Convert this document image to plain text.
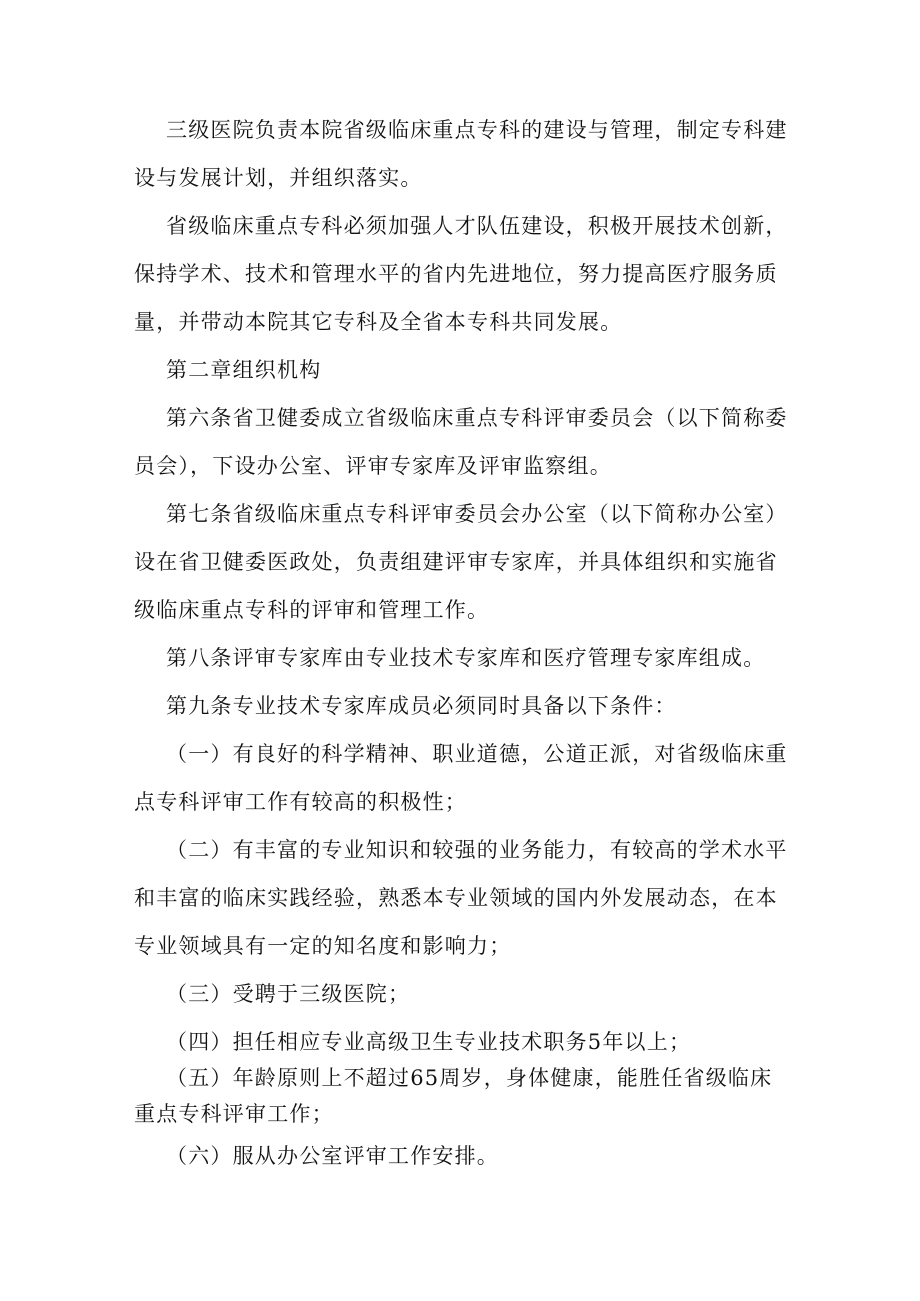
三级医院负责本院省级临床重点专科的建设与管理，制定专科建设与发展计划，并组织落实。

省级临床重点专科必须加强人才队伍建设，积极开展技术创新，保持学术、技术和管理水平的省内先进地位，努力提高医疗服务质量，并带动本院其它专科及全省本专科共同发展。

第二章组织机构

第六条省卫健委成立省级临床重点专科评审委员会（以下简称委员会），下设办公室、评审专家库及评审监察组。

第七条省级临床重点专科评审委员会办公室（以下简称办公室）设在省卫健委医政处，负责组建评审专家库，并具体组织和实施省级临床重点专科的评审和管理工作。

第八条评审专家库由专业技术专家库和医疗管理专家库组成。

第九条专业技术专家库成员必须同时具备以下条件：

（一）有良好的科学精神、职业道德，公道正派，对省级临床重点专科评审工作有较高的积极性；

（二）有丰富的专业知识和较强的业务能力，有较高的学术水平和丰富的临床实践经验，熟悉本专业领域的国内外发展动态，在本专业领域具有一定的知名度和影响力；

（三）受聘于三级医院；

（四）担任相应专业高级卫生专业技术职务5年以上；

（五）年龄原则上不超过65周岁，身体健康，能胜任省级临床重点专科评审工作；

（六）服从办公室评审工作安排。
